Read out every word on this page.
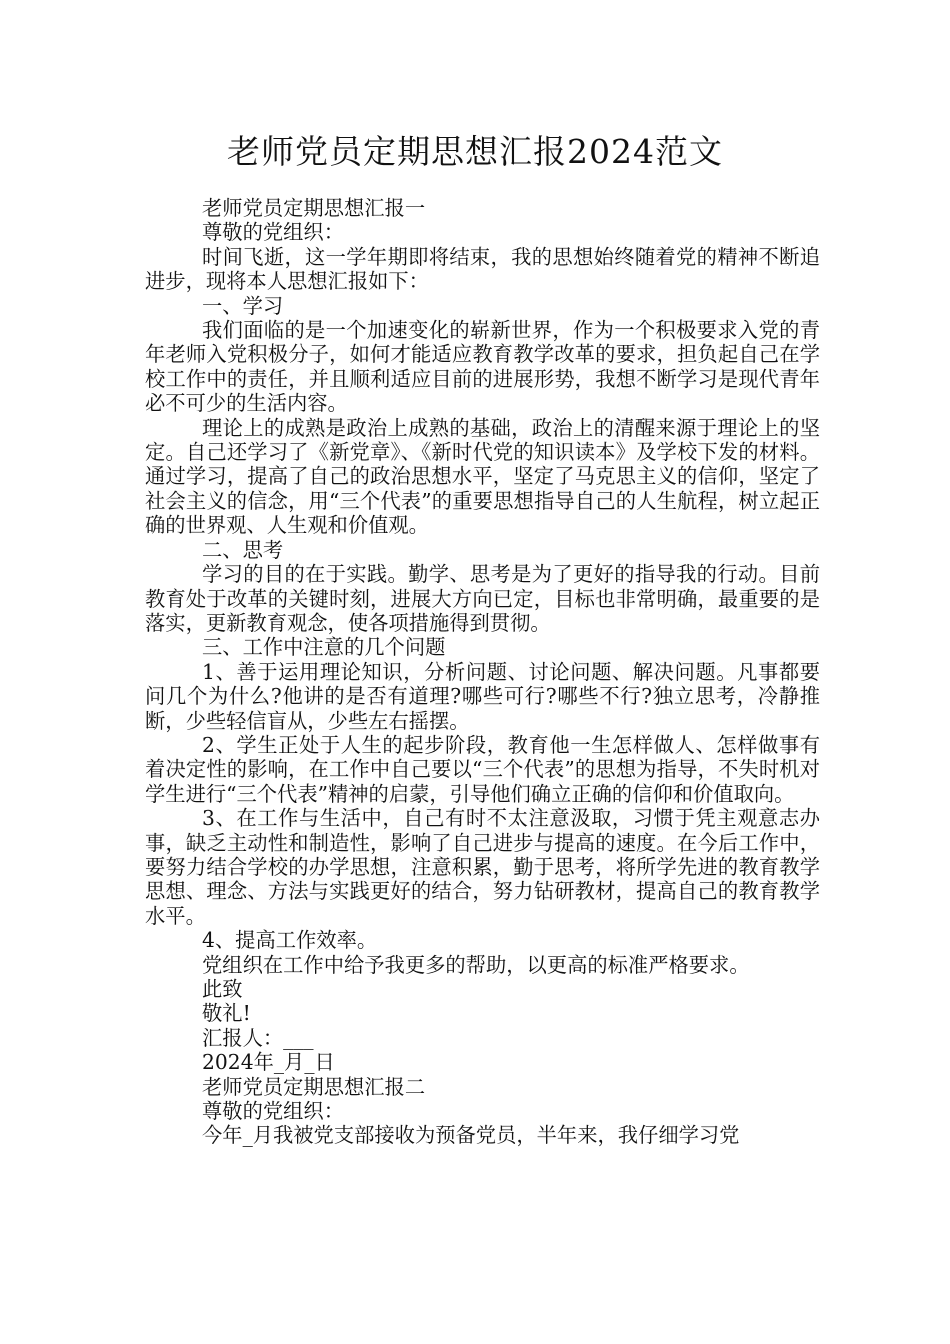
老师党员定期思想汇报2024范文

老师党员定期思想汇报一

尊敬的党组织：

时间飞逝，这一学年期即将结束，我的思想始终随着党的精神不断追进步，现将本人思想汇报如下：

一、学习

我们面临的是一个加速变化的崭新世界，作为一个积极要求入党的青年老师入党积极分子，如何才能适应教育教学改革的要求，担负起自己在学校工作中的责任，并且顺利适应目前的进展形势，我想不断学习是现代青年必不可少的生活内容。

理论上的成熟是政治上成熟的基础，政治上的清醒来源于理论上的坚定。自己还学习了《新党章》、《新时代党的知识读本》及学校下发的材料。通过学习，提高了自己的政治思想水平，坚定了马克思主义的信仰，坚定了社会主义的信念，用“三个代表”的重要思想指导自己的人生航程，树立起正确的世界观、人生观和价值观。

二、思考

学习的目的在于实践。勤学、思考是为了更好的指导我的行动。目前教育处于改革的关键时刻，进展大方向已定，目标也非常明确，最重要的是落实，更新教育观念，使各项措施得到贯彻。

三、工作中注意的几个问题

1、善于运用理论知识，分析问题、讨论问题、解决问题。凡事都要问几个为什么?他讲的是否有道理?哪些可行?哪些不行?独立思考，冷静推断，少些轻信盲从，少些左右摇摆。

2、学生正处于人生的起步阶段，教育他一生怎样做人、怎样做事有着决定性的影响，在工作中自己要以“三个代表”的思想为指导，不失时机对学生进行“三个代表”精神的启蒙，引导他们确立正确的信仰和价值取向。

3、在工作与生活中，自己有时不太注意汲取，习惯于凭主观意志办事，缺乏主动性和制造性，影响了自己进步与提高的速度。在今后工作中，要努力结合学校的办学思想，注意积累，勤于思考，将所学先进的教育教学思想、理念、方法与实践更好的结合，努力钻研教材，提高自己的教育教学水平。

4、提高工作效率。

党组织在工作中给予我更多的帮助，以更高的标准严格要求。

此致

敬礼!

汇报人：___

2024年_月_日

老师党员定期思想汇报二

尊敬的党组织：

今年_月我被党支部接收为预备党员，半年来，我仔细学习党
